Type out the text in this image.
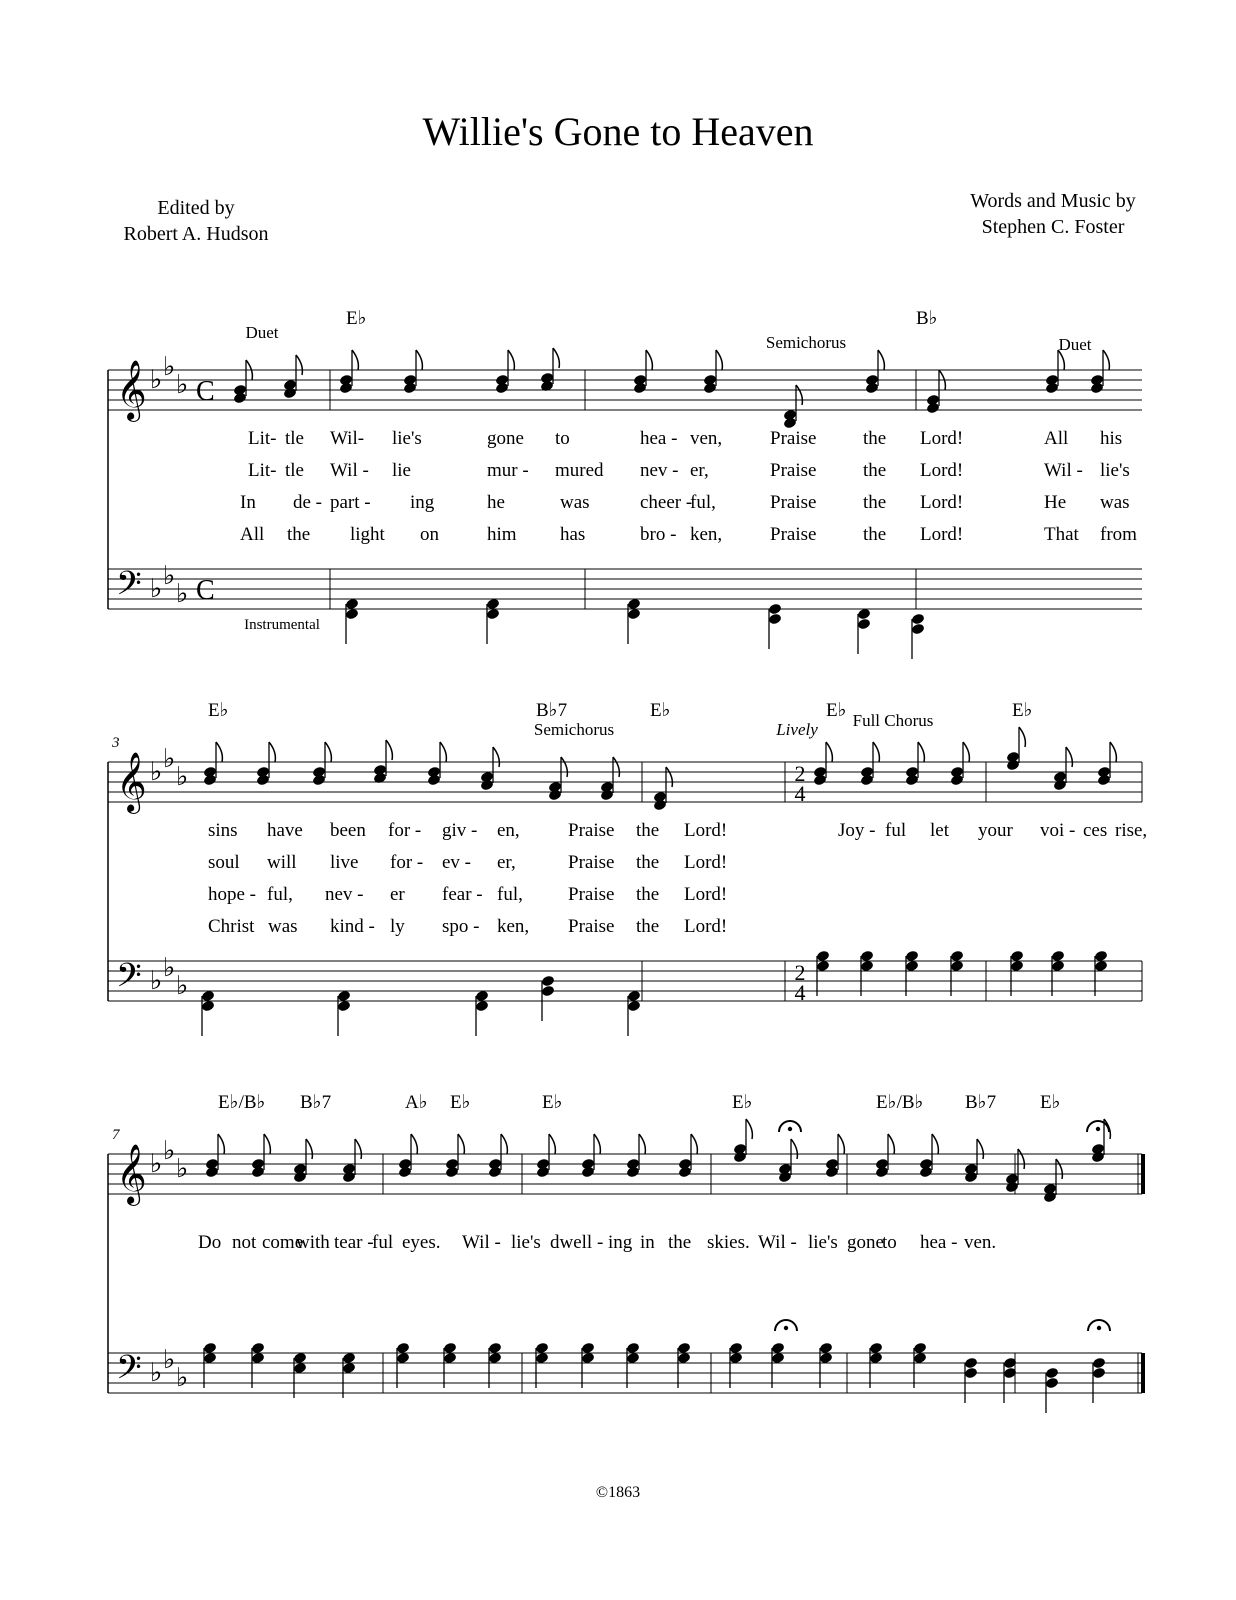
Willie's Gone to Heaven
Edited by
Robert A. Hudson
Words and Music by
Stephen C. Foster
𝄞
𝄢
♭ ♭
♭
♭ ♭
♭
C
C
E♭	B♭
Duet
Semichorus	Duet
Instrumental
Lit- tle Wil- lie's	gone to	hea - ven,	Praise the Lord!	All his
Lit- tle Wil - lie	mur - mured nev - er,	Praise the Lord!	Wil - lie's
In de - part - ing	he	was	cheer -
ful,	Praise the Lord!	He was
All the light on	him has	bro - ken,	Praise the Lord!	That from
𝄞
𝄢
♭ ♭
♭
♭ ♭
♭
2
4
2
4
3
E♭	B♭7	E♭	E♭	E♭
Semichorus	Lively Full Chorus
sins have been for - giv - en,	Praise the Lord!	Joy - ful let your voi - ces rise,
soul will live for - ev - er,	Praise the Lord!
hope - ful, nev - er fear - ful, Praise the Lord!
Christ was kind - ly spo - ken, Praise the Lord!
𝄞
𝄢
♭ ♭
♭
♭ ♭
♭
7
E♭/B♭ B♭7	A♭ E♭	E♭	E♭	E♭/B♭ B♭7 E♭
Do not come
with tear -
ful eyes. Wil - lie's dwell - ing in the skies. Wil - lie's gone
to hea - ven.
©1863
